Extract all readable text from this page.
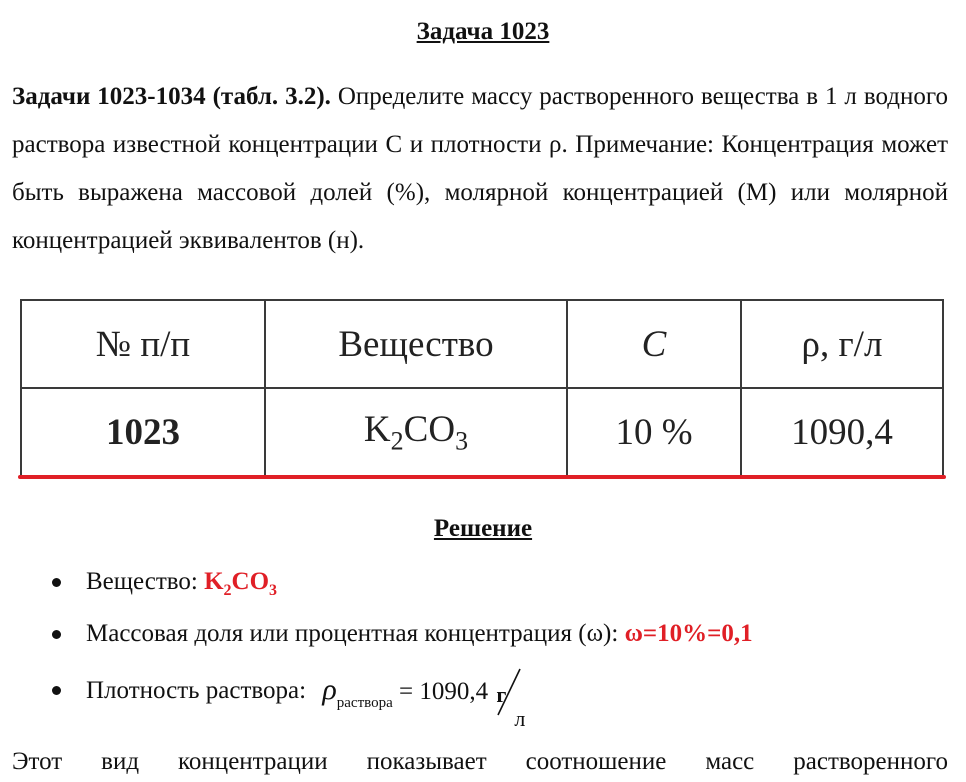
Задача 1023
Задачи 1023-1034 (табл. 3.2). Определите массу растворенного вещества в 1 л водного раствора известной концентрации С и плотности ρ. Примечание: Концентрация может быть выражена массовой долей (%), молярной концентрацией (М) или молярной концентрацией эквивалентов (н).
№ п/п	Вещество	C	ρ, г/л
1023	$K_2CO_3$	10 %	1090,4
Решение
Вещество: $K_2CO_3$
Массовая доля или процентная концентрация (ω): ω=10%=0,1
Плотность раствора: $\rho_{раствора} = 1090,4$ г
л
Этот вид концентрации показывает соотношение масс растворенного
